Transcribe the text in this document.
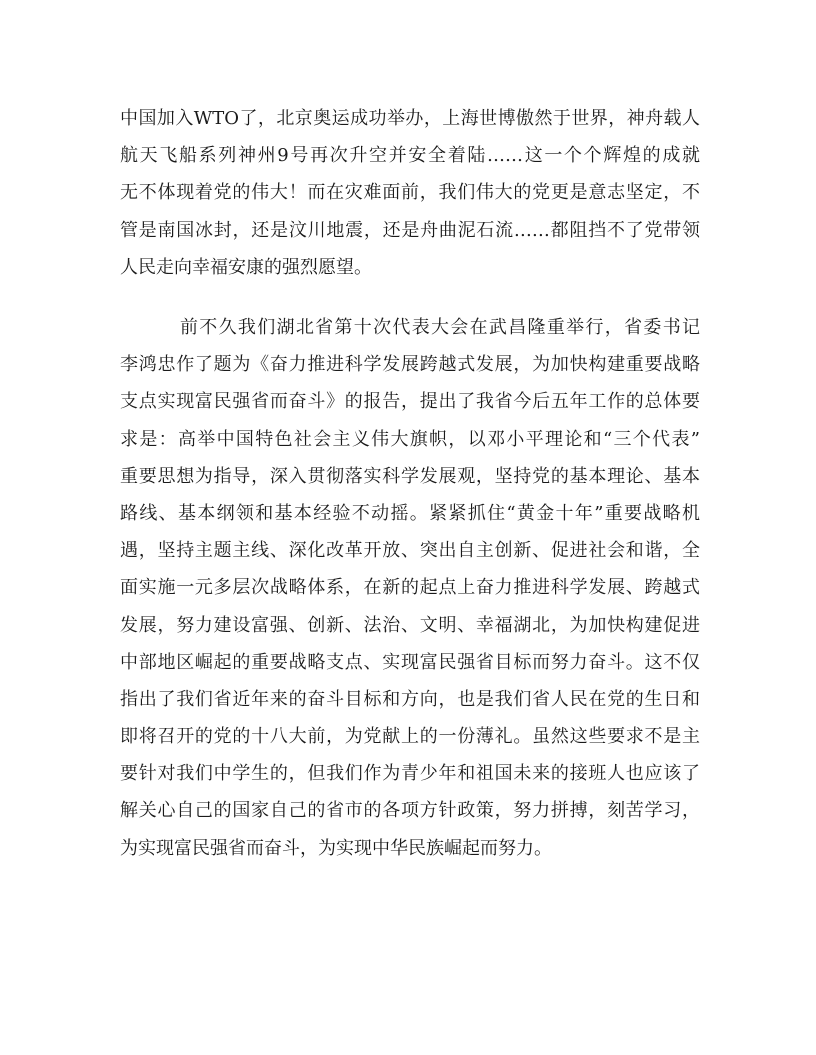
中国加入WTO了，北京奥运成功举办，上海世博傲然于世界，神舟载人
航天飞船系列神州9号再次升空并安全着陆……这一个个辉煌的成就
无不体现着党的伟大！而在灾难面前，我们伟大的党更是意志坚定，不
管是南国冰封，还是汶川地震，还是舟曲泥石流……都阻挡不了党带领
人民走向幸福安康的强烈愿望。
前不久我们湖北省第十次代表大会在武昌隆重举行，省委书记
李鸿忠作了题为《奋力推进科学发展跨越式发展，为加快构建重要战略
支点实现富民强省而奋斗》的报告，提出了我省今后五年工作的总体要
求是：高举中国特色社会主义伟大旗帜，以邓小平理论和“三个代表”
重要思想为指导，深入贯彻落实科学发展观，坚持党的基本理论、基本
路线、基本纲领和基本经验不动摇。紧紧抓住“黄金十年”重要战略机
遇，坚持主题主线、深化改革开放、突出自主创新、促进社会和谐，全
面实施一元多层次战略体系，在新的起点上奋力推进科学发展、跨越式
发展，努力建设富强、创新、法治、文明、幸福湖北，为加快构建促进
中部地区崛起的重要战略支点、实现富民强省目标而努力奋斗。这不仅
指出了我们省近年来的奋斗目标和方向，也是我们省人民在党的生日和
即将召开的党的十八大前，为党献上的一份薄礼。虽然这些要求不是主
要针对我们中学生的，但我们作为青少年和祖国未来的接班人也应该了
解关心自己的国家自己的省市的各项方针政策，努力拼搏，刻苦学习，
为实现富民强省而奋斗，为实现中华民族崛起而努力。
